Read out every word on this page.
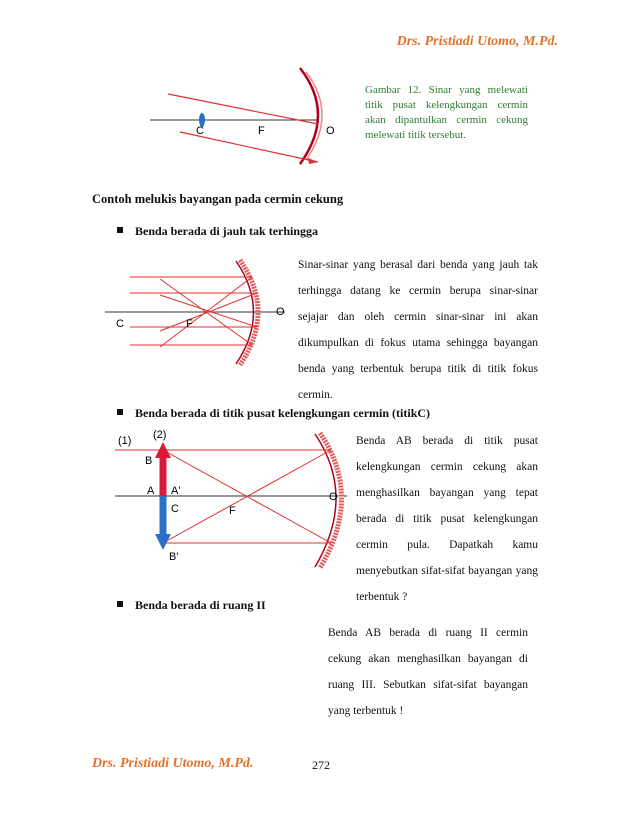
Drs. Pristiadi Utomo, M.Pd.
C	F	O
Gambar 12. Sinar yang melewati titik pusat kelengkungan cermin akan dipantulkan cermin cekung melewati titik tersebut.
Contoh melukis bayangan pada cermin cekung
Benda berada di jauh tak terhingga
C	F
O
Sinar-sinar yang berasal dari benda yang jauh tak terhingga datang ke cermin berupa sinar-sinar sejajar dan oleh cermin sinar-sinar ini akan dikumpulkan di fokus utama sehingga bayangan benda yang terbentuk berupa titik di titik fokus cermin.
Benda berada di titik pusat kelengkungan cermin (titikC)
(1) (2)
B
A A'
C	F
O
B'
Benda AB berada di titik pusat kelengkungan cermin cekung akan menghasilkan bayangan yang tepat berada di titik pusat kelengkungan cermin pula. Dapatkah kamu menyebutkan sifat-sifat bayangan yang terbentuk ?
Benda berada di ruang II
Benda AB berada di ruang II cermin cekung akan menghasilkan bayangan di ruang III. Sebutkan sifat-sifat bayangan yang terbentuk !
Drs. Pristiadi Utomo, M.Pd.	272
